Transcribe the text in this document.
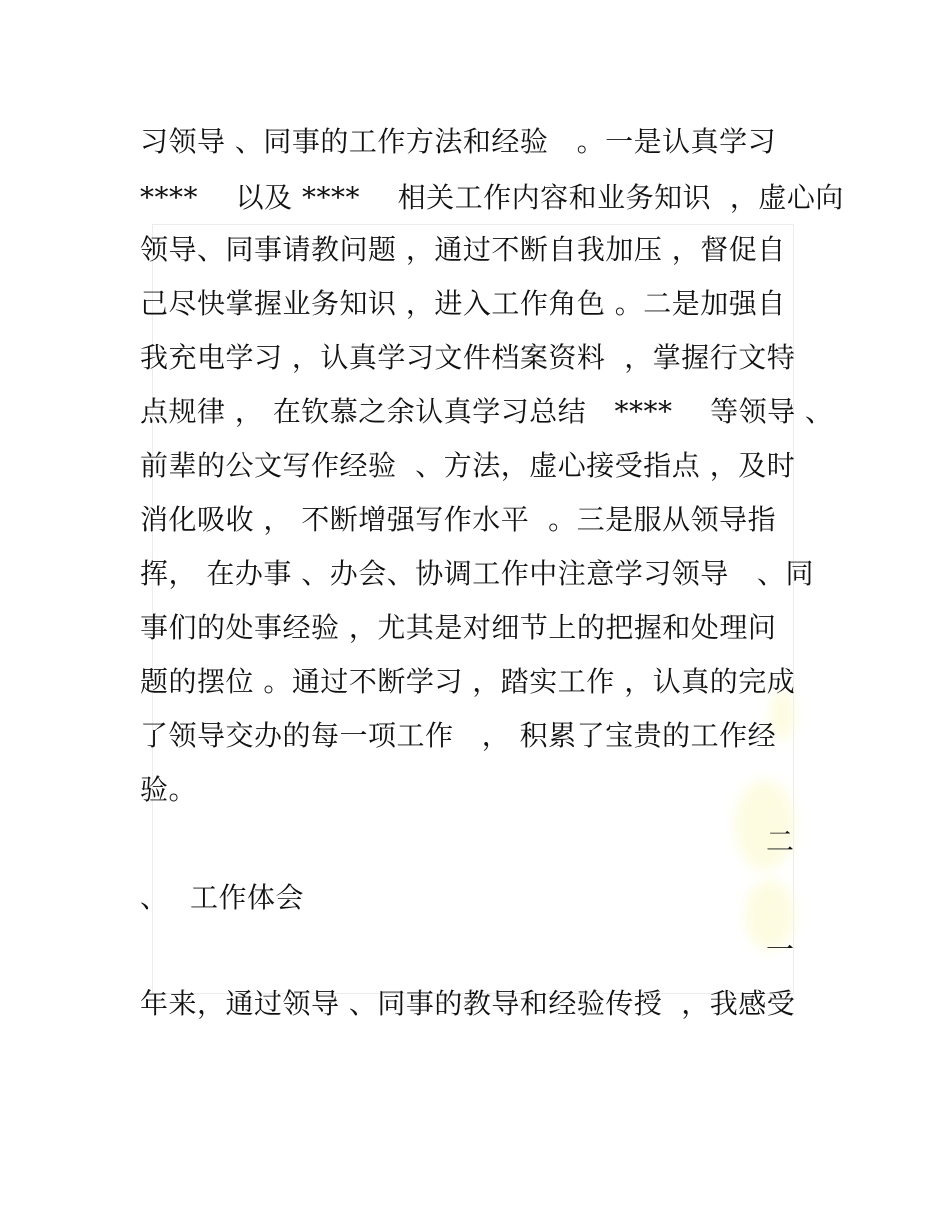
习领导 、同事的工作方法和经验   。一是认真学习
****    以及 ****    相关工作内容和业务知识  ，虚心向
领导、同事请教问题 ，通过不断自我加压 ，督促自
己尽快掌握业务知识 ，进入工作角色 。二是加强自
我充电学习 ，认真学习文件档案资料  ，掌握行文特
点规律 ， 在钦慕之余认真学习总结   ****    等领导 、
前辈的公文写作经验  、方法，虚心接受指点 ，及时
消化吸收 ， 不断增强写作水平  。三是服从领导指
挥， 在办事 、办会、协调工作中注意学习领导   、同
事们的处事经验 ，尤其是对细节上的把握和处理问
题的摆位 。通过不断学习 ，踏实工作 ，认真的完成
了领导交办的每一项工作   ， 积累了宝贵的工作经
验。
二
、 工作体会
一
年来，通过领导 、同事的教导和经验传授  ，我感受
